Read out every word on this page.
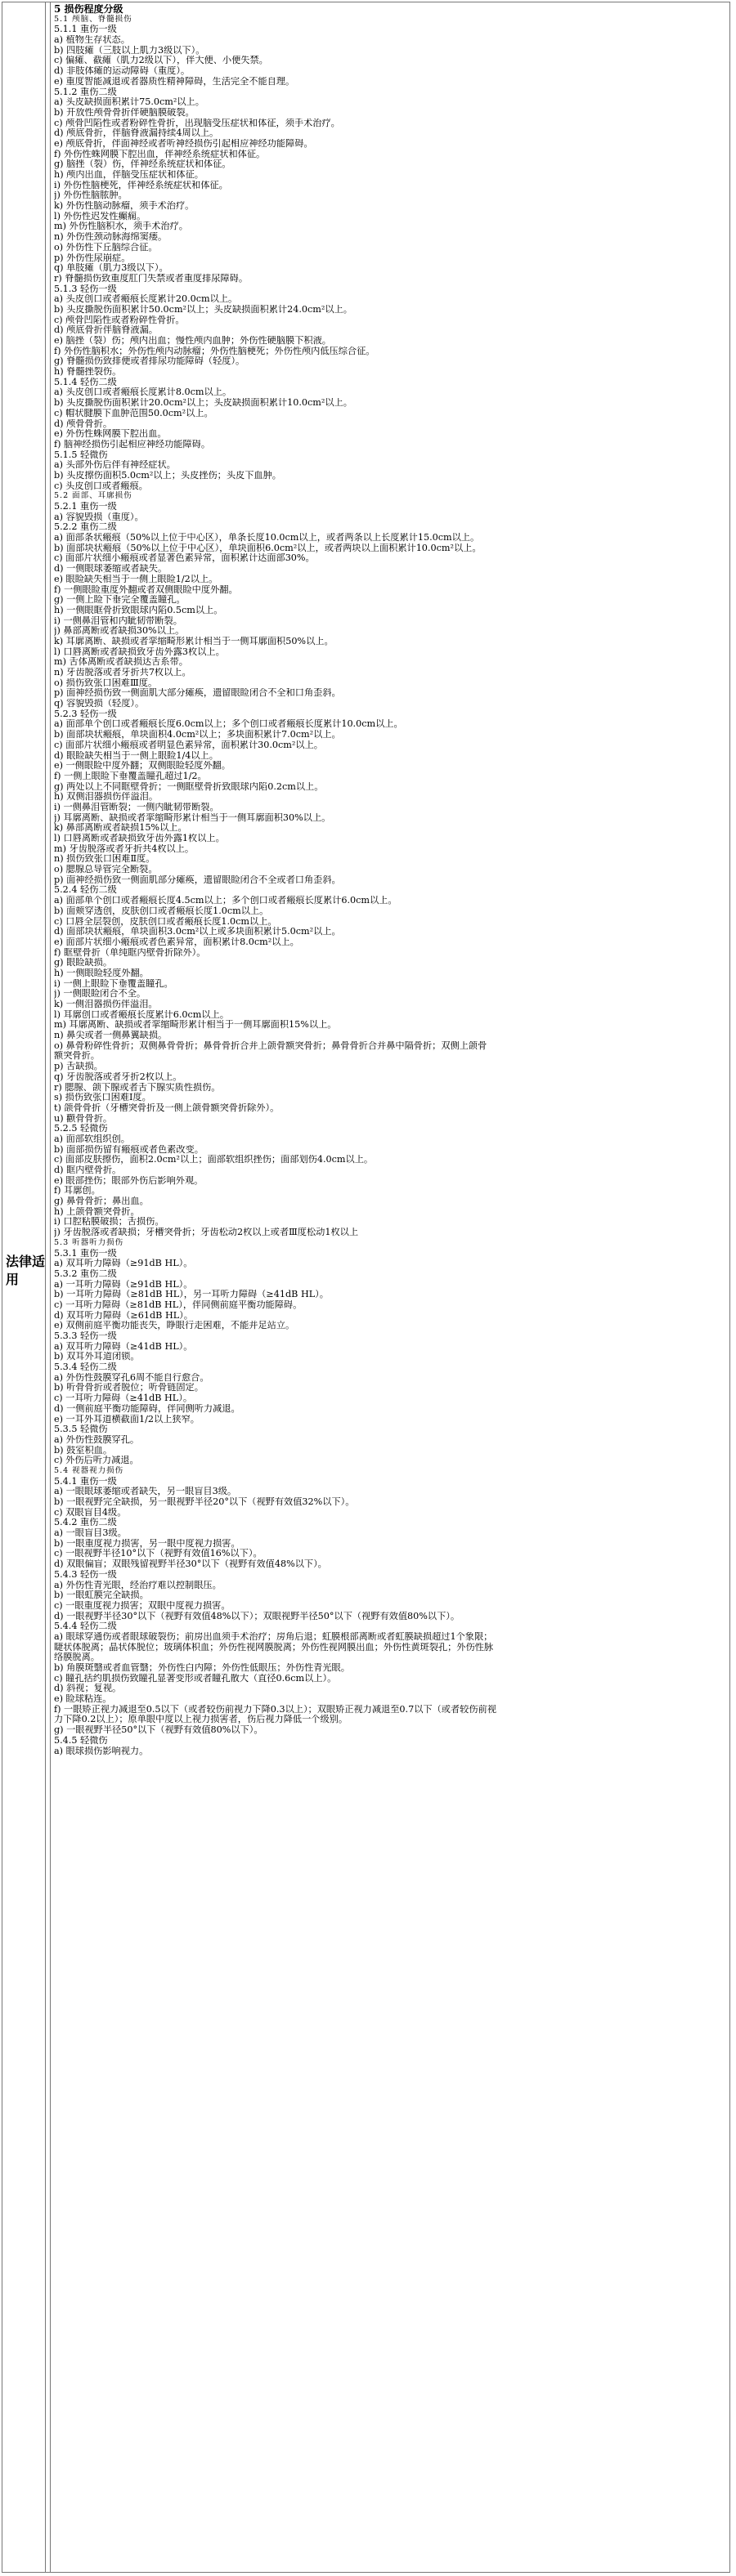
法律适用
5 损伤程度分级
5.1 颅脑、脊髓损伤
5.1.1 重伤一级
a) 植物生存状态。
b) 四肢瘫（三肢以上肌力3级以下）。
c) 偏瘫、截瘫（肌力2级以下），伴大便、小便失禁。
d) 非肢体瘫的运动障碍（重度）。
e) 重度智能减退或者器质性精神障碍，生活完全不能自理。
5.1.2 重伤二级
a) 头皮缺损面积累计75.0cm²以上。
b) 开放性颅骨骨折伴硬脑膜破裂。
c) 颅骨凹陷性或者粉碎性骨折，出现脑受压症状和体征，须手术治疗。
d) 颅底骨折，伴脑脊液漏持续4周以上。
e) 颅底骨折，伴面神经或者听神经损伤引起相应神经功能障碍。
f) 外伤性蛛网膜下腔出血，伴神经系统症状和体征。
g) 脑挫（裂）伤，伴神经系统症状和体征。
h) 颅内出血，伴脑受压症状和体征。
i) 外伤性脑梗死，伴神经系统症状和体征。
j) 外伤性脑脓肿。
k) 外伤性脑动脉瘤，须手术治疗。
l) 外伤性迟发性癫痫。
m) 外伤性脑积水，须手术治疗。
n) 外伤性颈动脉海绵窦瘘。
o) 外伤性下丘脑综合征。
p) 外伤性尿崩症。
q) 单肢瘫（肌力3级以下）。
r) 脊髓损伤致重度肛门失禁或者重度排尿障碍。
5.1.3 轻伤一级
a) 头皮创口或者瘢痕长度累计20.0cm以上。
b) 头皮撕脱伤面积累计50.0cm²以上；头皮缺损面积累计24.0cm²以上。
c) 颅骨凹陷性或者粉碎性骨折。
d) 颅底骨折伴脑脊液漏。
e) 脑挫（裂）伤；颅内出血；慢性颅内血肿；外伤性硬脑膜下积液。
f) 外伤性脑积水；外伤性颅内动脉瘤；外伤性脑梗死；外伤性颅内低压综合征。
g) 脊髓损伤致排便或者排尿功能障碍（轻度）。
h) 脊髓挫裂伤。
5.1.4 轻伤二级
a) 头皮创口或者瘢痕长度累计8.0cm以上。
b) 头皮撕脱伤面积累计20.0cm²以上；头皮缺损面积累计10.0cm²以上。
c) 帽状腱膜下血肿范围50.0cm²以上。
d) 颅骨骨折。
e) 外伤性蛛网膜下腔出血。
f) 脑神经损伤引起相应神经功能障碍。
5.1.5 轻微伤
a) 头部外伤后伴有神经症状。
b) 头皮擦伤面积5.0cm²以上；头皮挫伤；头皮下血肿。
c) 头皮创口或者瘢痕。
5.2 面部、耳廓损伤
5.2.1 重伤一级
a) 容貌毁损（重度）。
5.2.2 重伤二级
a) 面部条状瘢痕（50%以上位于中心区），单条长度10.0cm以上，或者两条以上长度累计15.0cm以上。
b) 面部块状瘢痕（50%以上位于中心区），单块面积6.0cm²以上，或者两块以上面积累计10.0cm²以上。
c) 面部片状细小瘢痕或者显著色素异常，面积累计达面部30%。
d) 一侧眼球萎缩或者缺失。
e) 眼睑缺失相当于一侧上眼睑1/2以上。
f) 一侧眼睑重度外翻或者双侧眼睑中度外翻。
g) 一侧上睑下垂完全覆盖瞳孔。
h) 一侧眼眶骨折致眼球内陷0.5cm以上。
i) 一侧鼻泪管和内眦韧带断裂。
j) 鼻部离断或者缺损30%以上。
k) 耳廓离断、缺损或者挛缩畸形累计相当于一侧耳廓面积50%以上。
l) 口唇离断或者缺损致牙齿外露3枚以上。
m) 舌体离断或者缺损达舌系带。
n) 牙齿脱落或者牙折共7枚以上。
o) 损伤致张口困难Ⅲ度。
p) 面神经损伤致一侧面肌大部分瘫痪，遗留眼睑闭合不全和口角歪斜。
q) 容貌毁损（轻度）。
5.2.3 轻伤一级
a) 面部单个创口或者瘢痕长度6.0cm以上；多个创口或者瘢痕长度累计10.0cm以上。
b) 面部块状瘢痕，单块面积4.0cm²以上；多块面积累计7.0cm²以上。
c) 面部片状细小瘢痕或者明显色素异常，面积累计30.0cm²以上。
d) 眼睑缺失相当于一侧上眼睑1/4以上。
e) 一侧眼睑中度外翻；双侧眼睑轻度外翻。
f) 一侧上眼睑下垂覆盖瞳孔超过1/2。
g) 两处以上不同眶壁骨折；一侧眶壁骨折致眼球内陷0.2cm以上。
h) 双侧泪器损伤伴溢泪。
i) 一侧鼻泪管断裂；一侧内眦韧带断裂。
j) 耳廓离断、缺损或者挛缩畸形累计相当于一侧耳廓面积30%以上。
k) 鼻部离断或者缺损15%以上。
l) 口唇离断或者缺损致牙齿外露1枚以上。
m) 牙齿脱落或者牙折共4枚以上。
n) 损伤致张口困难Ⅱ度。
o) 腮腺总导管完全断裂。
p) 面神经损伤致一侧面肌部分瘫痪，遗留眼睑闭合不全或者口角歪斜。
5.2.4 轻伤二级
a) 面部单个创口或者瘢痕长度4.5cm以上；多个创口或者瘢痕长度累计6.0cm以上。
b) 面颊穿透创，皮肤创口或者瘢痕长度1.0cm以上。
c) 口唇全层裂创，皮肤创口或者瘢痕长度1.0cm以上。
d) 面部块状瘢痕，单块面积3.0cm²以上或多块面积累计5.0cm²以上。
e) 面部片状细小瘢痕或者色素异常，面积累计8.0cm²以上。
f) 眶壁骨折（单纯眶内壁骨折除外）。
g) 眼睑缺损。
h) 一侧眼睑轻度外翻。
i) 一侧上眼睑下垂覆盖瞳孔。
j) 一侧眼睑闭合不全。
k) 一侧泪器损伤伴溢泪。
l) 耳廓创口或者瘢痕长度累计6.0cm以上。
m) 耳廓离断、缺损或者挛缩畸形累计相当于一侧耳廓面积15%以上。
n) 鼻尖或者一侧鼻翼缺损。
o) 鼻骨粉碎性骨折；双侧鼻骨骨折；鼻骨骨折合并上颌骨额突骨折；鼻骨骨折合并鼻中隔骨折；双侧上颌骨
额突骨折。
p) 舌缺损。
q) 牙齿脱落或者牙折2枚以上。
r) 腮腺、颌下腺或者舌下腺实质性损伤。
s) 损伤致张口困难Ⅰ度。
t) 颌骨骨折（牙槽突骨折及一侧上颌骨额突骨折除外）。
u) 颧骨骨折。
5.2.5 轻微伤
a) 面部软组织创。
b) 面部损伤留有瘢痕或者色素改变。
c) 面部皮肤擦伤，面积2.0cm²以上；面部软组织挫伤；面部划伤4.0cm以上。
d) 眶内壁骨折。
e) 眼部挫伤；眼部外伤后影响外观。
f) 耳廓创。
g) 鼻骨骨折；鼻出血。
h) 上颌骨额突骨折。
i) 口腔粘膜破损；舌损伤。
j) 牙齿脱落或者缺损；牙槽突骨折；牙齿松动2枚以上或者Ⅲ度松动1枚以上
5.3 听器听力损伤
5.3.1 重伤一级
a) 双耳听力障碍（≥91dB HL）。
5.3.2 重伤二级
a) 一耳听力障碍（≥91dB HL）。
b) 一耳听力障碍（≥81dB HL），另一耳听力障碍（≥41dB HL）。
c) 一耳听力障碍（≥81dB HL），伴同侧前庭平衡功能障碍。
d) 双耳听力障碍（≥61dB HL）。
e) 双侧前庭平衡功能丧失，睁眼行走困难，不能并足站立。
5.3.3 轻伤一级
a) 双耳听力障碍（≥41dB HL）。
b) 双耳外耳道闭锁。
5.3.4 轻伤二级
a) 外伤性鼓膜穿孔6周不能自行愈合。
b) 听骨骨折或者脱位；听骨链固定。
c) 一耳听力障碍（≥41dB HL）。
d) 一侧前庭平衡功能障碍，伴同侧听力减退。
e) 一耳外耳道横截面1/2以上狭窄。
5.3.5 轻微伤
a) 外伤性鼓膜穿孔。
b) 鼓室积血。
c) 外伤后听力减退。
5.4 视器视力损伤
5.4.1 重伤一级
a) 一眼眼球萎缩或者缺失，另一眼盲目3级。
b) 一眼视野完全缺损，另一眼视野半径20°以下（视野有效值32%以下）。
c) 双眼盲目4级。
5.4.2 重伤二级
a) 一眼盲目3级。
b) 一眼重度视力损害，另一眼中度视力损害。
c) 一眼视野半径10°以下（视野有效值16%以下）。
d) 双眼偏盲；双眼残留视野半径30°以下（视野有效值48%以下）。
5.4.3 轻伤一级
a) 外伤性青光眼，经治疗难以控制眼压。
b) 一眼虹膜完全缺损。
c) 一眼重度视力损害；双眼中度视力损害。
d) 一眼视野半径30°以下（视野有效值48%以下）；双眼视野半径50°以下（视野有效值80%以下）。
5.4.4 轻伤二级
a) 眼球穿通伤或者眼球破裂伤；前房出血须手术治疗；房角后退；虹膜根部离断或者虹膜缺损超过1个象限；
睫状体脱离；晶状体脱位；玻璃体积血；外伤性视网膜脱离；外伤性视网膜出血；外伤性黄斑裂孔；外伤性脉
络膜脱离。
b) 角膜斑翳或者血管翳；外伤性白内障；外伤性低眼压；外伤性青光眼。
c) 瞳孔括约肌损伤致瞳孔显著变形或者瞳孔散大（直径0.6cm以上）。
d) 斜视；复视。
e) 睑球粘连。
f) 一眼矫正视力减退至0.5以下（或者较伤前视力下降0.3以上）；双眼矫正视力减退至0.7以下（或者较伤前视
力下降0.2以上）；原单眼中度以上视力损害者，伤后视力降低一个级别。
g) 一眼视野半径50°以下（视野有效值80%以下）。
5.4.5 轻微伤
a) 眼球损伤影响视力。
